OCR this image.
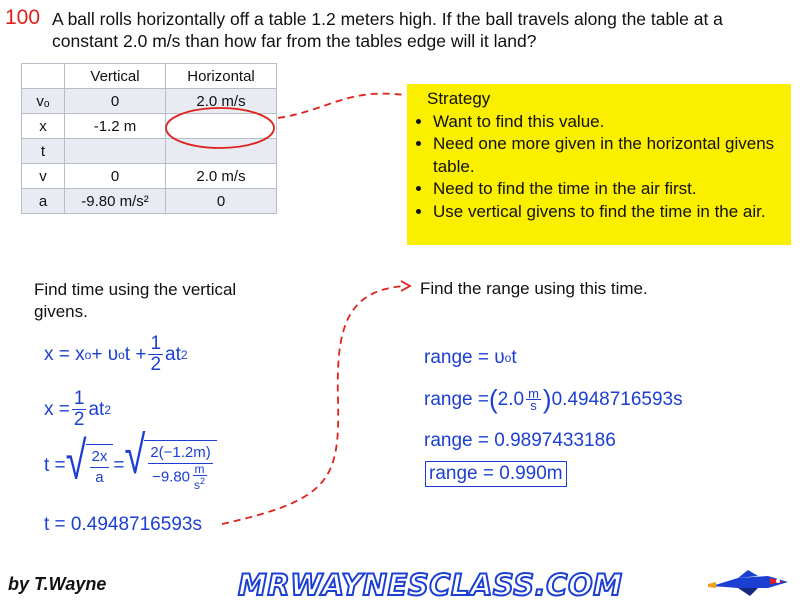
100 A ball rolls horizontally off a table 1.2 meters high. If the ball travels along the table at a constant 2.0 m/s than how far from the tables edge will it land?
	Vertical	Horizontal
vₒ	0	2.0 m/s
x	-1.2 m	
t		
v	0	2.0 m/s
a	-9.80 m/s²	0
Strategy
• Want to find this value.
• Need one more given in the horizontal givens table.
• Need to find the time in the air first.
• Use vertical givens to find the time in the air.
Find time using the vertical givens.
Find the range using this time.
x = x o + υ o $t + \frac{1}{2}$ at 2
$x = \frac{1}{2}$ at 2
t = √ $\frac{2x}{a}$ = √ $\frac{2(-1.2m)}{-9.80 \frac{m}{s^2}}$
t = 0.4948716593s
range = υ o t
range = ( $2.0 \frac{m}{s}$ ) 0.4948716593s
range = 0.9897433186
range = 0.990m
by T.Wayne	MRWAYNESCLASS.COM
